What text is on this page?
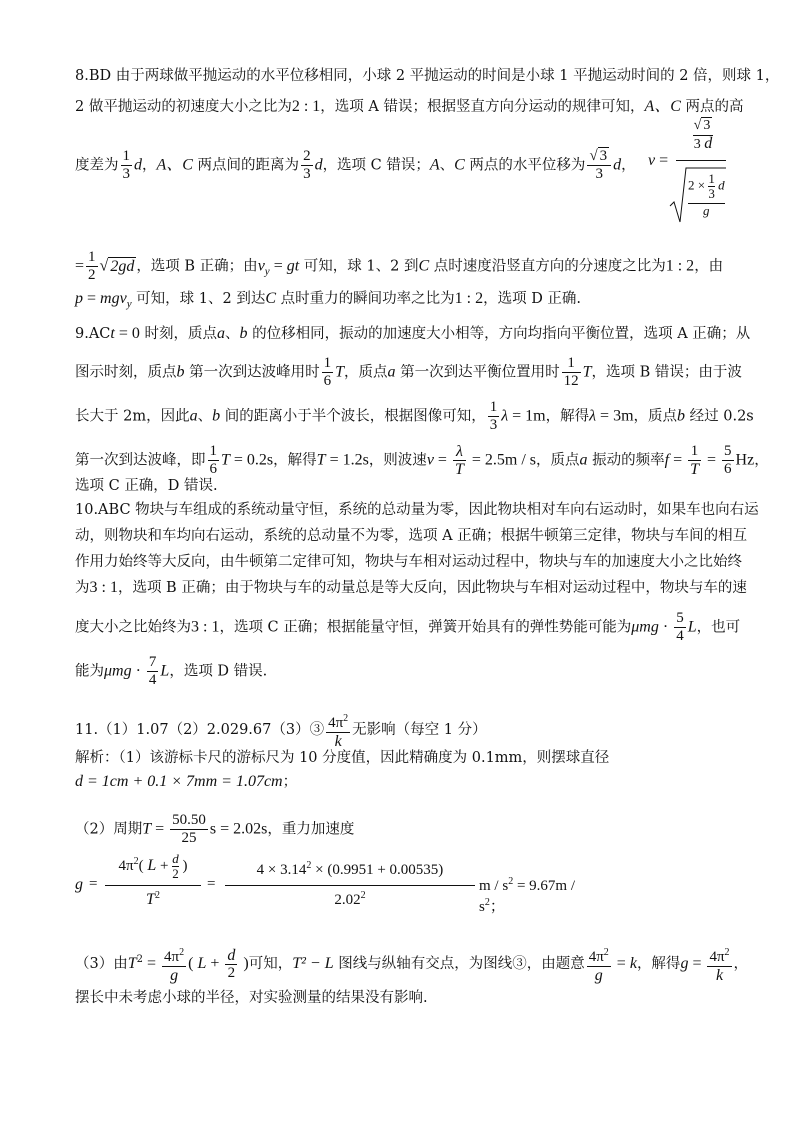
8.BD 由于两球做平抛运动的水平位移相同，小球 2 平抛运动的时间是小球 1 平抛运动时间的 2 倍，则球 1，
2 做平抛运动的初速度大小之比为2 : 1，选项 A 错误；根据竖直方向分运动的规律可知，A、C 两点的高
度差为 $\frac{1}{3}$ d，A、C 两点间的距离为 $\frac{2}{3}$ d，选项 C 错误；A、C 两点的水平位移为 $\frac{√ 3}{3}$ d， v =
√ 3
3 d
$2 \times \frac{1}{3}$ d
g
= $\frac{1}{2}$ √ 2gd ，选项 B 正确；由$v_y$ = gt 可知，球 1、2 到C 点时速度沿竖直方向的分速度之比为1 : 2，由
p = mgv$_y$ 可知，球 1、2 到达C 点时重力的瞬间功率之比为1 : 2，选项 D 正确.
9.ACt = 0 时刻，质点a、b 的位移相同，振动的加速度大小相等，方向均指向平衡位置，选项 A 正确；从
图示时刻，质点b 第一次到达波峰用时 $\frac{1}{6}$ T，质点a 第一次到达平衡位置用时 $\frac{1}{12}$ T，选项 B 错误；由于波
长大于 2m，因此a、b 间的距离小于半个波长，根据图像可知， $\frac{1}{3}$ λ = 1m，解得λ = 3m，质点b 经过 0.2s
第一次到达波峰，即 $\frac{1}{6}$ T = 0.2s，解得T = 1.2s，则波速$v = \frac{\lambda}{T} = 2.5m / s$，质点a 振动的频率$f = \frac{1}{T} = \frac{5}{6}$ Hz，
选项 C 正确，D 错误.
10.ABC 物块与车组成的系统动量守恒，系统的总动量为零，因此物块相对车向右运动时，如果车也向右运
动，则物块和车均向右运动，系统的总动量不为零，选项 A 正确；根据牛顿第三定律，物块与车间的相互
作用力始终等大反向，由牛顿第二定律可知，物块与车相对运动过程中，物块与车的加速度大小之比始终
为3 : 1，选项 B 正确；由于物块与车的动量总是等大反向，因此物块与车相对运动过程中，物块与车的速
度大小之比始终为3 : 1，选项 C 正确；根据能量守恒，弹簧开始具有的弹性势能可能为$\mu mg \cdot \frac{5}{4}$ L，也可
能为$\mu mg \cdot \frac{7}{4}$ L，选项 D 错误.
11.（1）1.07（2）2.029.67（3）③ $\frac{4\pi^2}{k}$ 无影响（每空 1 分）
解析：（1）该游标卡尺的游标尺为 10 分度值，因此精确度为 0.1mm，则摆球直径
d = 1cm + 0.1 × 7mm = 1.07cm；
（2）周期$T = \frac{50.50}{25}$ s = 2.02s，重力加速度
g =
$4\pi^2$( $L + \frac{d}{2}$ )
$T^2$
=
$4 \times 3.14^2 \times (0.9951 + 0.00535)$
2.02$^2$
$m / s^2 = 9.67m / s^2$；
（3）由$T^2 = \frac{4\pi^2}{g}$ ( $L + \frac{d}{2}$ )可知，T² − L 图线与纵轴有交点，为图线③，由题意 $\frac{4\pi^2}{g} = k$，解得$g = \frac{4\pi^2}{k}$ ，
摆长中未考虑小球的半径，对实验测量的结果没有影响.
